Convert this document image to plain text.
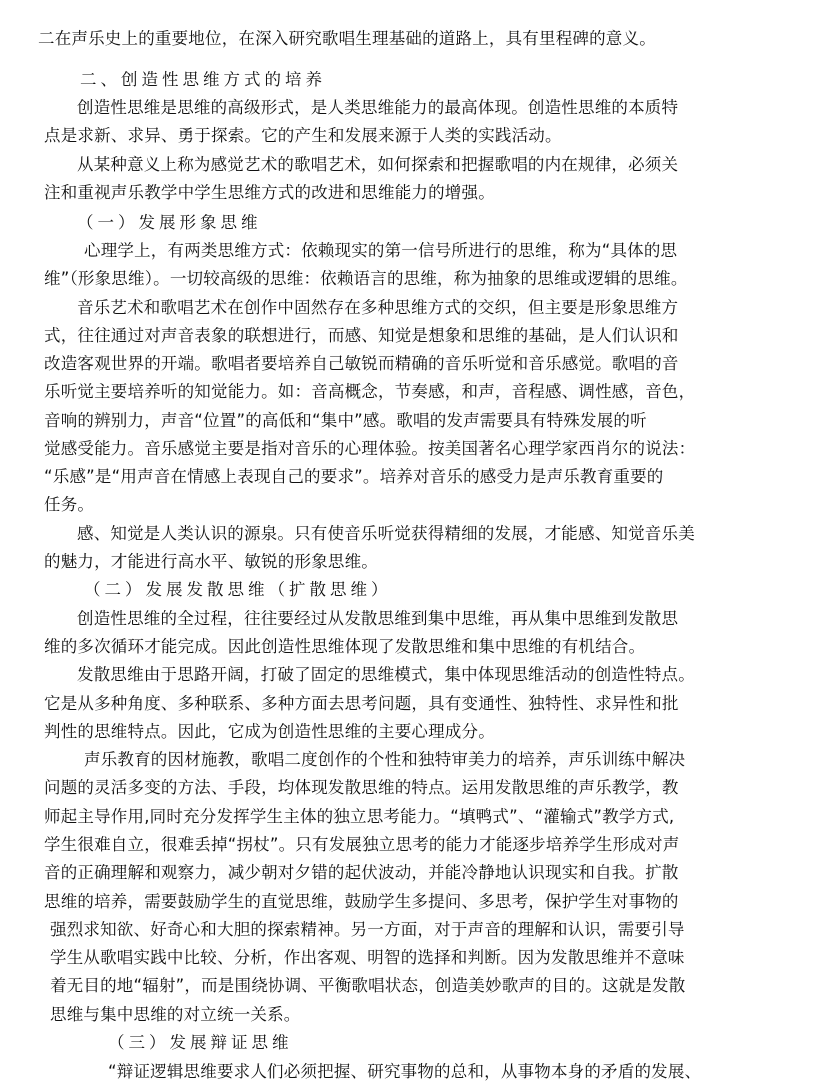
二在声乐史上的重要地位，在深入研究歌唱生理基础的道路上，具有里程碑的意义。
二、创造性思维方式的培养
创造性思维是思维的高级形式，是人类思维能力的最高体现。创造性思维的本质特
点是求新、求异、勇于探索。它的产生和发展来源于人类的实践活动。
从某种意义上称为感觉艺术的歌唱艺术，如何探索和把握歌唱的内在规律，必须关
注和重视声乐教学中学生思维方式的改进和思维能力的增强。
（一）发展形象思维
心理学上，有两类思维方式：依赖现实的第一信号所进行的思维，称为“具体的思
维”（形象思维）。一切较高级的思维：依赖语言的思维，称为抽象的思维或逻辑的思维。
音乐艺术和歌唱艺术在创作中固然存在多种思维方式的交织，但主要是形象思维方
式，往往通过对声音表象的联想进行，而感、知觉是想象和思维的基础，是人们认识和
改造客观世界的开端。歌唱者要培养自己敏锐而精确的音乐听觉和音乐感觉。歌唱的音
乐听觉主要培养听的知觉能力。如：音高概念，节奏感，和声，音程感、调性感，音色，
音响的辨别力，声音“位置”的高低和“集中”感。歌唱的发声需要具有特殊发展的听
觉感受能力。音乐感觉主要是指对音乐的心理体验。按美国著名心理学家西肖尔的说法：
“乐感”是“用声音在情感上表现自己的要求”。培养对音乐的感受力是声乐教育重要的
任务。
感、知觉是人类认识的源泉。只有使音乐听觉获得精细的发展，才能感、知觉音乐美
的魅力，才能进行高水平、敏锐的形象思维。
（二）发展发散思维（扩散思维）
创造性思维的全过程，往往要经过从发散思维到集中思维，再从集中思维到发散思
维的多次循环才能完成。因此创造性思维体现了发散思维和集中思维的有机结合。
发散思维由于思路开阔，打破了固定的思维模式，集中体现思维活动的创造性特点。
它是从多种角度、多种联系、多种方面去思考问题，具有变通性、独特性、求异性和批
判性的思维特点。因此，它成为创造性思维的主要心理成分。
声乐教育的因材施教，歌唱二度创作的个性和独特审美力的培养，声乐训练中解决
问题的灵活多变的方法、手段，均体现发散思维的特点。运用发散思维的声乐教学，教
师起主导作用,同时充分发挥学生主体的独立思考能力。“填鸭式”、“灌输式”教学方式,
学生很难自立，很难丢掉“拐杖”。只有发展独立思考的能力才能逐步培养学生形成对声
音的正确理解和观察力，减少朝对夕错的起伏波动，并能冷静地认识现实和自我。扩散
思维的培养，需要鼓励学生的直觉思维，鼓励学生多提问、多思考，保护学生对事物的
强烈求知欲、好奇心和大胆的探索精神。另一方面，对于声音的理解和认识，需要引导
学生从歌唱实践中比较、分析，作出客观、明智的选择和判断。因为发散思维并不意味
着无目的地“辐射”，而是围绕协调、平衡歌唱状态，创造美妙歌声的目的。这就是发散
思维与集中思维的对立统一关系。
（三）发展辩证思维
“辩证逻辑思维要求人们必须把握、研究事物的总和，从事物本身的矛盾的发展、
